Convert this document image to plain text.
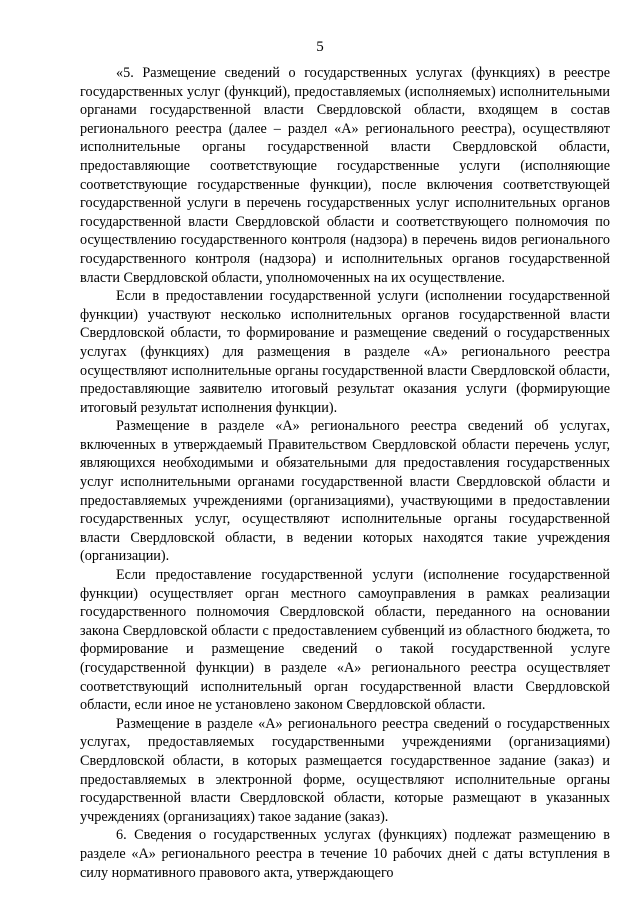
5

«5. Размещение сведений о государственных услугах (функциях) в реестре государственных услуг (функций), предоставляемых (исполняемых) исполнительными органами государственной власти Свердловской области, входящем в состав регионального реестра (далее – раздел «А» регионального реестра), осуществляют исполнительные органы государственной власти Свердловской области, предоставляющие соответствующие государственные услуги (исполняющие соответствующие государственные функции), после включения соответствующей государственной услуги в перечень государственных услуг исполнительных органов государственной власти Свердловской области и соответствующего полномочия по осуществлению государственного контроля (надзора) в перечень видов регионального государственного контроля (надзора) и исполнительных органов государственной власти Свердловской области, уполномоченных на их осуществление.

Если в предоставлении государственной услуги (исполнении государственной функции) участвуют несколько исполнительных органов государственной власти Свердловской области, то формирование и размещение сведений о государственных услугах (функциях) для размещения в разделе «А» регионального реестра осуществляют исполнительные органы государственной власти Свердловской области, предоставляющие заявителю итоговый результат оказания услуги (формирующие итоговый результат исполнения функции).

Размещение в разделе «А» регионального реестра сведений об услугах, включенных в утверждаемый Правительством Свердловской области перечень услуг, являющихся необходимыми и обязательными для предоставления государственных услуг исполнительными органами государственной власти Свердловской области и предоставляемых учреждениями (организациями), участвующими в предоставлении государственных услуг, осуществляют исполнительные органы государственной власти Свердловской области, в ведении которых находятся такие учреждения (организации).

Если предоставление государственной услуги (исполнение государственной функции) осуществляет орган местного самоуправления в рамках реализации государственного полномочия Свердловской области, переданного на основании закона Свердловской области с предоставлением субвенций из областного бюджета, то формирование и размещение сведений о такой государственной услуге (государственной функции) в разделе «А» регионального реестра осуществляет соответствующий исполнительный орган государственной власти Свердловской области, если иное не установлено законом Свердловской области.

Размещение в разделе «А» регионального реестра сведений о государственных услугах, предоставляемых государственными учреждениями (организациями) Свердловской области, в которых размещается государственное задание (заказ) и предоставляемых в электронной форме, осуществляют исполнительные органы государственной власти Свердловской области, которые размещают в указанных учреждениях (организациях) такое задание (заказ).

6. Сведения о государственных услугах (функциях) подлежат размещению в разделе «А» регионального реестра в течение 10 рабочих дней с даты вступления в силу нормативного правового акта, утверждающего
